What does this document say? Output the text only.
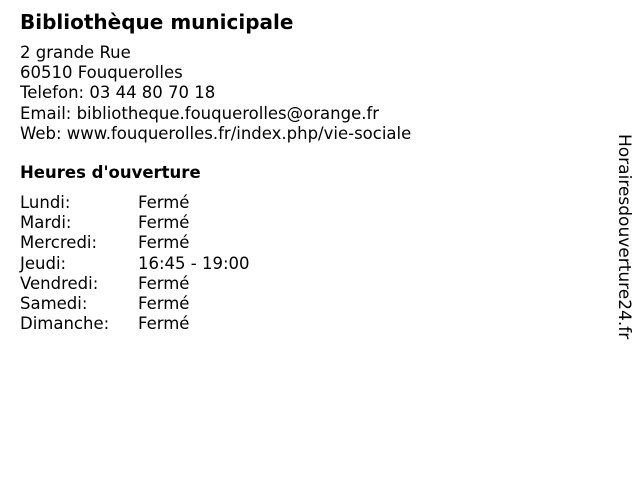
Bibliothèque municipale
2 grande Rue
60510 Fouquerolles
Telefon: 03 44 80 70 18
Email: bibliotheque.fouquerolles@orange.fr
Web: www.fouquerolles.fr/index.php/vie-sociale
Heures d'ouverture
Lundi:	Fermé
Mardi:	Fermé
Mercredi: Fermé
Jeudi:	16:45 - 19:00
Vendredi: Fermé
Samedi:	Fermé
Dimanche: Fermé	Horairesdouverture24.fr
